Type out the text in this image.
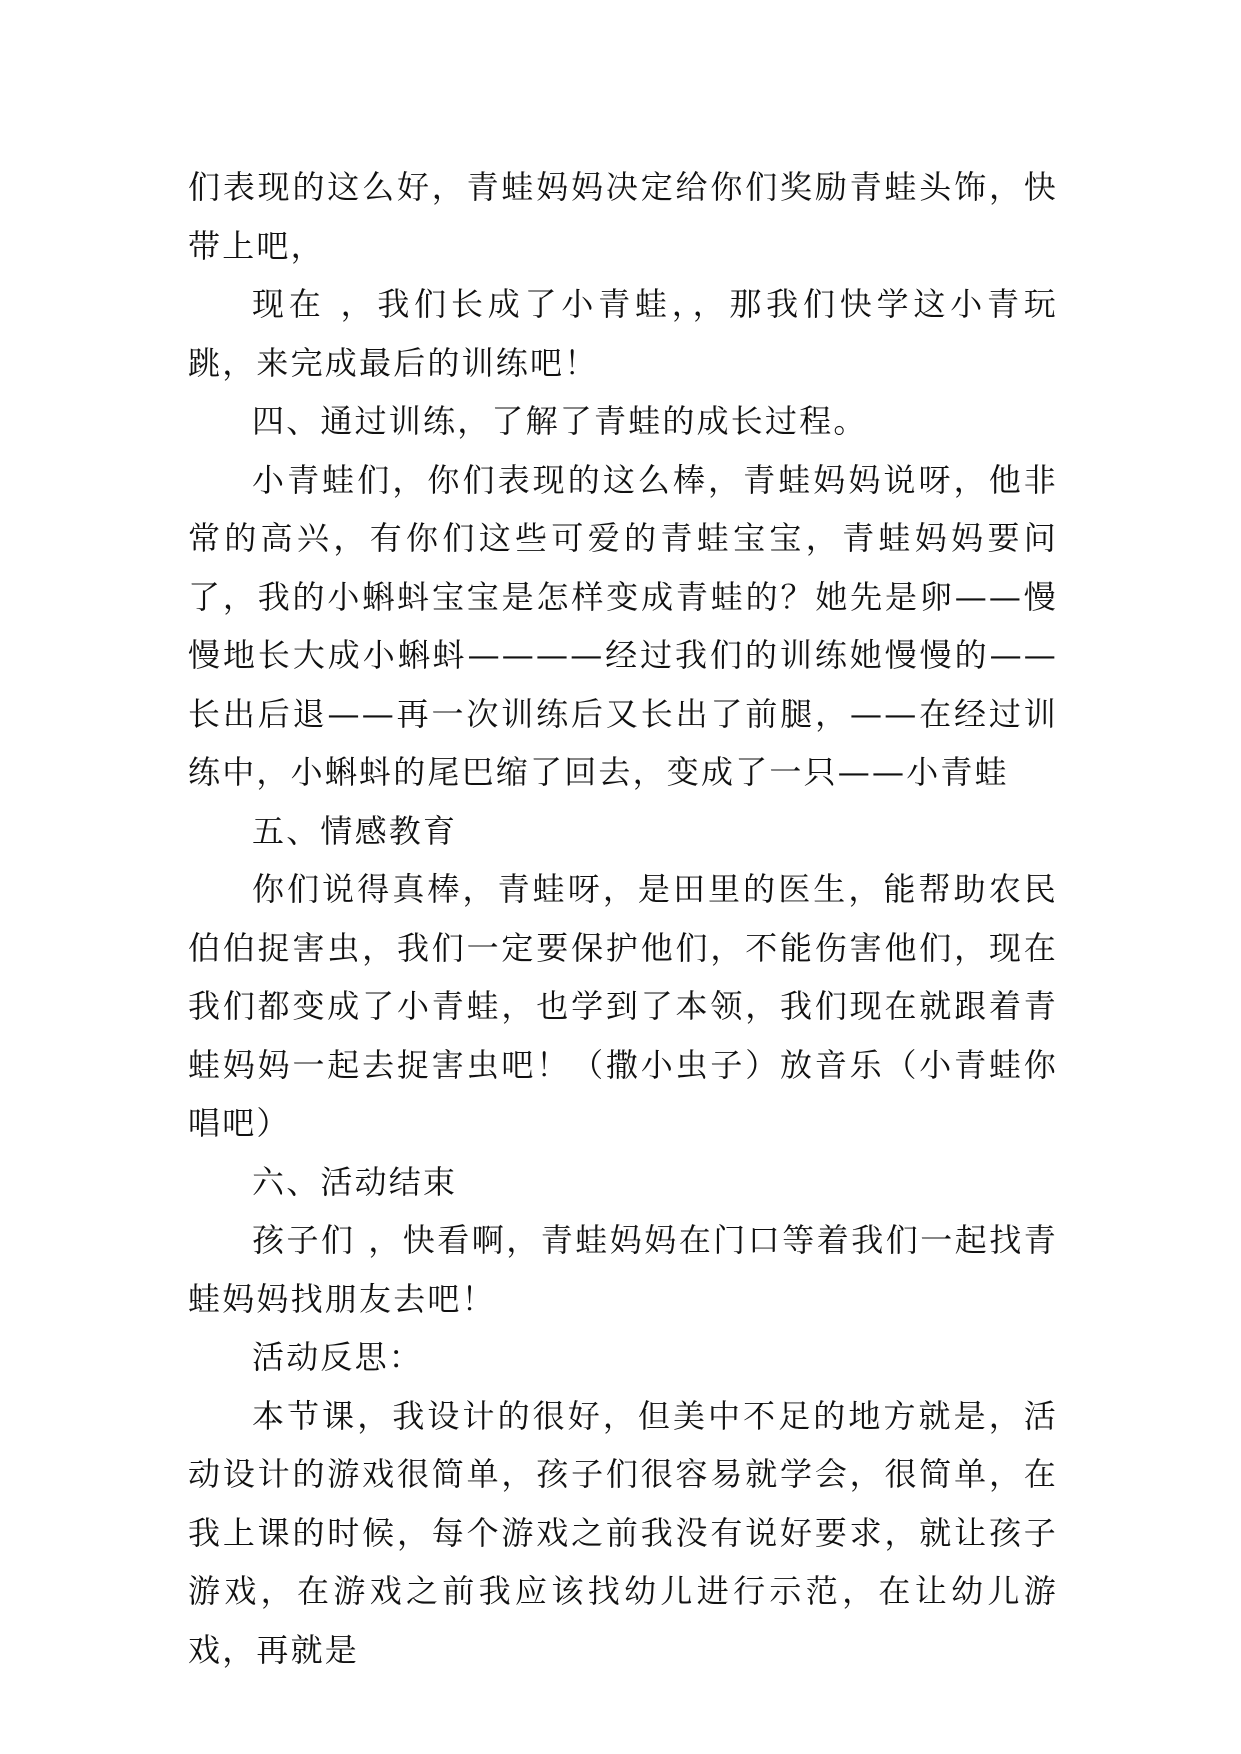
们表现的这么好，青蛙妈妈决定给你们奖励青蛙头饰，快带上吧，

现在 ，我们长成了小青蛙，，那我们快学这小青玩跳，来完成最后的训练吧！

四、通过训练，了解了青蛙的成长过程。

小青蛙们，你们表现的这么棒，青蛙妈妈说呀，他非常的高兴，有你们这些可爱的青蛙宝宝，青蛙妈妈要问了，我的小蝌蚪宝宝是怎样变成青蛙的？她先是卵——慢慢地长大成小蝌蚪————经过我们的训练她慢慢的——长出后退——再一次训练后又长出了前腿，——在经过训练中，小蝌蚪的尾巴缩了回去，变成了一只——小青蛙

五、情感教育

你们说得真棒，青蛙呀，是田里的医生，能帮助农民伯伯捉害虫，我们一定要保护他们，不能伤害他们，现在我们都变成了小青蛙，也学到了本领，我们现在就跟着青蛙妈妈一起去捉害虫吧！（撒小虫子）放音乐（小青蛙你唱吧）

六、活动结束

孩子们 ，快看啊，青蛙妈妈在门口等着我们一起找青蛙妈妈找朋友去吧！

活动反思：

本节课，我设计的很好，但美中不足的地方就是，活动设计的游戏很简单，孩子们很容易就学会，很简单，在我上课的时候，每个游戏之前我没有说好要求，就让孩子游戏，在游戏之前我应该找幼儿进行示范，在让幼儿游戏，再就是
